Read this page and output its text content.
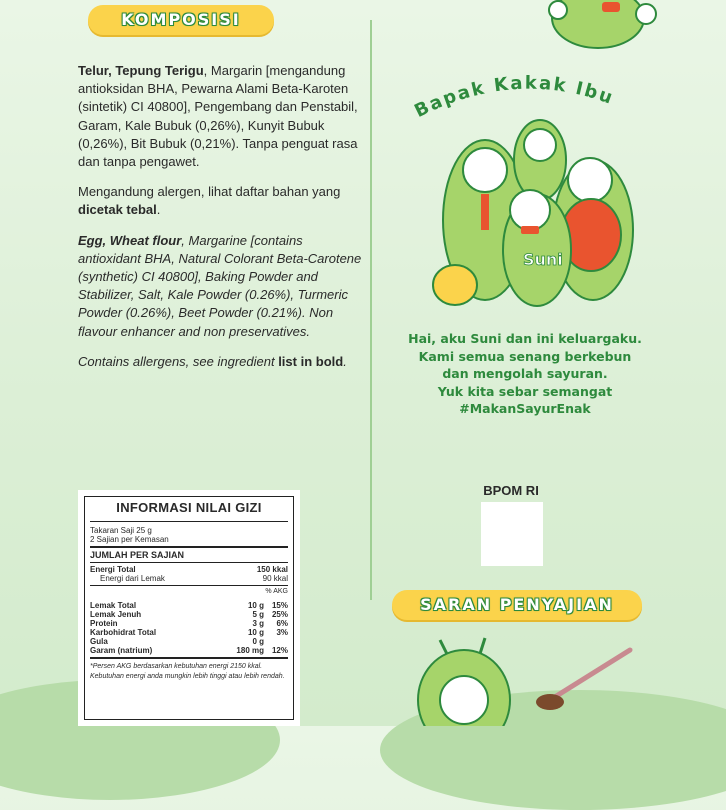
KOMPOSISI

Telur, Tepung Terigu, Margarin [mengandung antioksidan BHA, Pewarna Alami Beta-Karoten (sintetik) CI 40800], Pengembang dan Penstabil, Garam, Kale Bubuk (0,26%), Kunyit Bubuk (0,26%), Bit Bubuk (0,21%). Tanpa penguat rasa dan tanpa pengawet.

Mengandung alergen, lihat daftar bahan yang dicetak tebal.

Egg, Wheat flour, Margarine [contains antioxidant BHA, Natural Colorant Beta-Carotene (synthetic) CI 40800], Baking Powder and Stabilizer, Salt, Kale Powder (0.26%), Turmeric Powder (0.26%), Beet Powder (0.21%). Non flavour enhancer and non preservatives.

Contains allergens, see ingredient list in bold.

INFORMASI NILAI GIZI
Takaran Saji 25 g
2 Sajian per Kemasan
JUMLAH PER SAJIAN
Energi Total	150 kkal
Energi dari Lemak	90 kkal
% AKG
Lemak Total	10 g 15%
Lemak Jenuh	5 g 25%
Protein	3 g	6%
Karbohidrat Total	10 g	3%
Gula	0 g
Garam (natrium)	180 mg 12%
*Persen AKG berdasarkan kebutuhan energi 2150 kkal. Kebutuhan energi anda mungkin lebih tinggi atau lebih rendah.
Bapak Kakak Ibu
Suni
Hai, aku Suni dan ini keluargaku.
Kami semua senang berkebun
dan mengolah sayuran.
Yuk kita sebar semangat
#MakanSayurEnak
BPOM RI
SARAN PENYAJIAN
